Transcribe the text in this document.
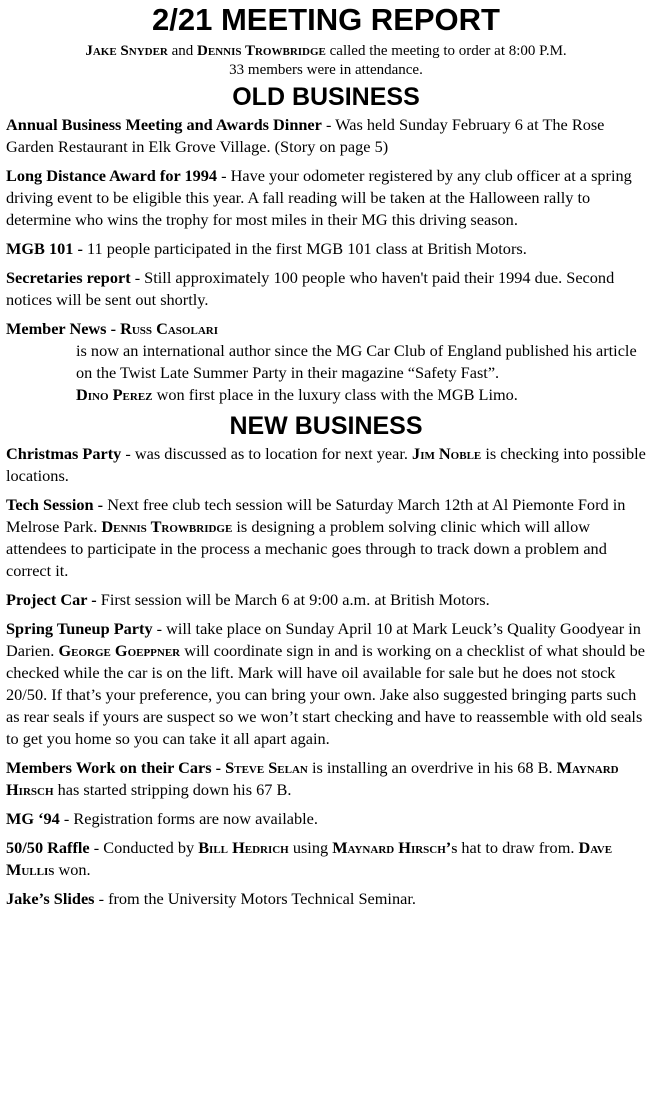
2/21 MEETING REPORT
Jake Snyder and Dennis Trowbridge called the meeting to order at 8:00 P.M.
33 members were in attendance.
OLD BUSINESS
Annual Business Meeting and Awards Dinner - Was held Sunday February 6 at The Rose Garden Restaurant in Elk Grove Village. (Story on page 5)
Long Distance Award for 1994 - Have your odometer registered by any club officer at a spring driving event to be eligible this year. A fall reading will be taken at the Halloween rally to determine who wins the trophy for most miles in their MG this driving season.
MGB 101 - 11 people participated in the first MGB 101 class at British Motors.
Secretaries report - Still approximately 100 people who haven't paid their 1994 due. Second notices will be sent out shortly.
Member News - Russ Casolari
is now an international author since the MG Car Club of England published his article on the Twist Late Summer Party in their magazine “Safety Fast”.
Dino Perez won first place in the luxury class with the MGB Limo.
NEW BUSINESS
Christmas Party - was discussed as to location for next year. Jim Noble is checking into possible locations.
Tech Session - Next free club tech session will be Saturday March 12th at Al Piemonte Ford in Melrose Park. Dennis Trowbridge is designing a problem solving clinic which will allow attendees to participate in the process a mechanic goes through to track down a problem and correct it.
Project Car - First session will be March 6 at 9:00 a.m. at British Motors.
Spring Tuneup Party - will take place on Sunday April 10 at Mark Leuck’s Quality Goodyear in Darien. George Goeppner will coordinate sign in and is working on a checklist of what should be checked while the car is on the lift. Mark will have oil available for sale but he does not stock 20/50. If that’s your preference, you can bring your own. Jake also suggested bringing parts such as rear seals if yours are suspect so we won’t start checking and have to reassemble with old seals to get you home so you can take it all apart again.
Members Work on their Cars - Steve Selan is installing an overdrive in his 68 B. Maynard Hirsch has started stripping down his 67 B.
MG ‘94 - Registration forms are now available.
50/50 Raffle - Conducted by Bill Hedrich using Maynard Hirsch’s hat to draw from. Dave Mullis won.
Jake’s Slides - from the University Motors Technical Seminar.
